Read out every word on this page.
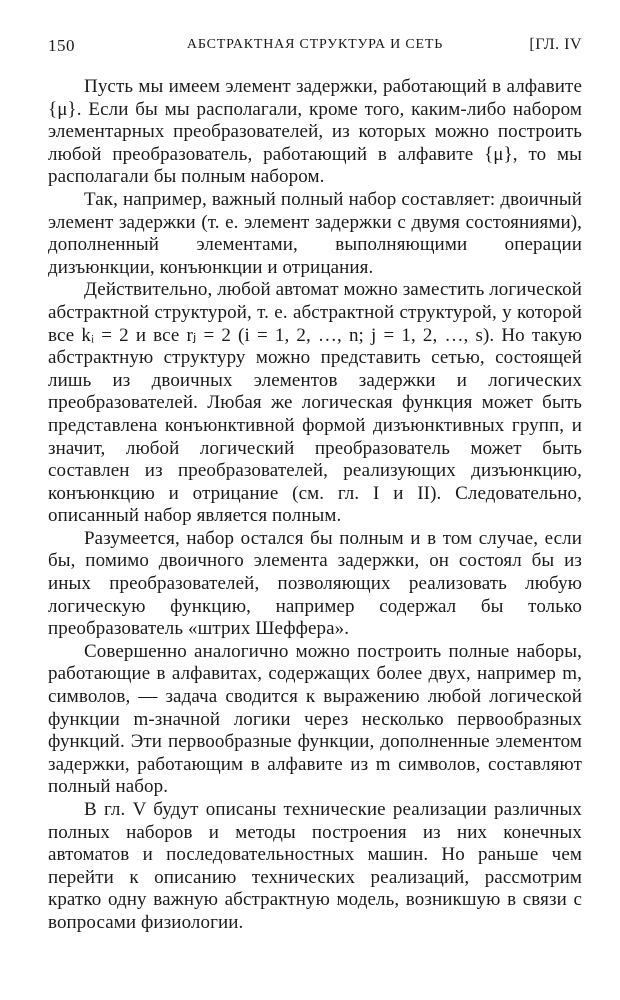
150	АБСТРАКТНАЯ СТРУКТУРА И СЕТЬ	[ГЛ. IV

Пусть мы имеем элемент задержки, работающий в алфавите {μ}. Если бы мы располагали, кроме того, каким-либо набором элементарных преобразователей, из которых можно построить любой преобразователь, работающий в алфавите {μ}, то мы располагали бы полным набором.

Так, например, важный полный набор составляет: двоичный элемент задержки (т. е. элемент задержки с двумя состояниями), дополненный элементами, выполняющими операции дизъюнкции, конъюнкции и отрицания.

Действительно, любой автомат можно заместить логической абстрактной структурой, т. е. абстрактной структурой, у которой все kᵢ = 2 и все rⱼ = 2 (i = 1, 2, …, n; j = 1, 2, …, s). Но такую абстрактную структуру можно представить сетью, состоящей лишь из двоичных элементов задержки и логических преобразователей. Любая же логическая функция может быть представлена конъюнктивной формой дизъюнктивных групп, и значит, любой логический преобразователь может быть составлен из преобразователей, реализующих дизъюнкцию, конъюнкцию и отрицание (см. гл. I и II). Следовательно, описанный набор является полным.

Разумеется, набор остался бы полным и в том случае, если бы, помимо двоичного элемента задержки, он состоял бы из иных преобразователей, позволяющих реализовать любую логическую функцию, например содержал бы только преобразователь «штрих Шеффера».

Совершенно аналогично можно построить полные наборы, работающие в алфавитах, содержащих более двух, например m, символов, — задача сводится к выражению любой логической функции m-значной логики через несколько первообразных функций. Эти первообразные функции, дополненные элементом задержки, работающим в алфавите из m символов, составляют полный набор.

В гл. V будут описаны технические реализации различных полных наборов и методы построения из них конечных автоматов и последовательностных машин. Но раньше чем перейти к описанию технических реализаций, рассмотрим кратко одну важную абстрактную модель, возникшую в связи с вопросами физиологии.
